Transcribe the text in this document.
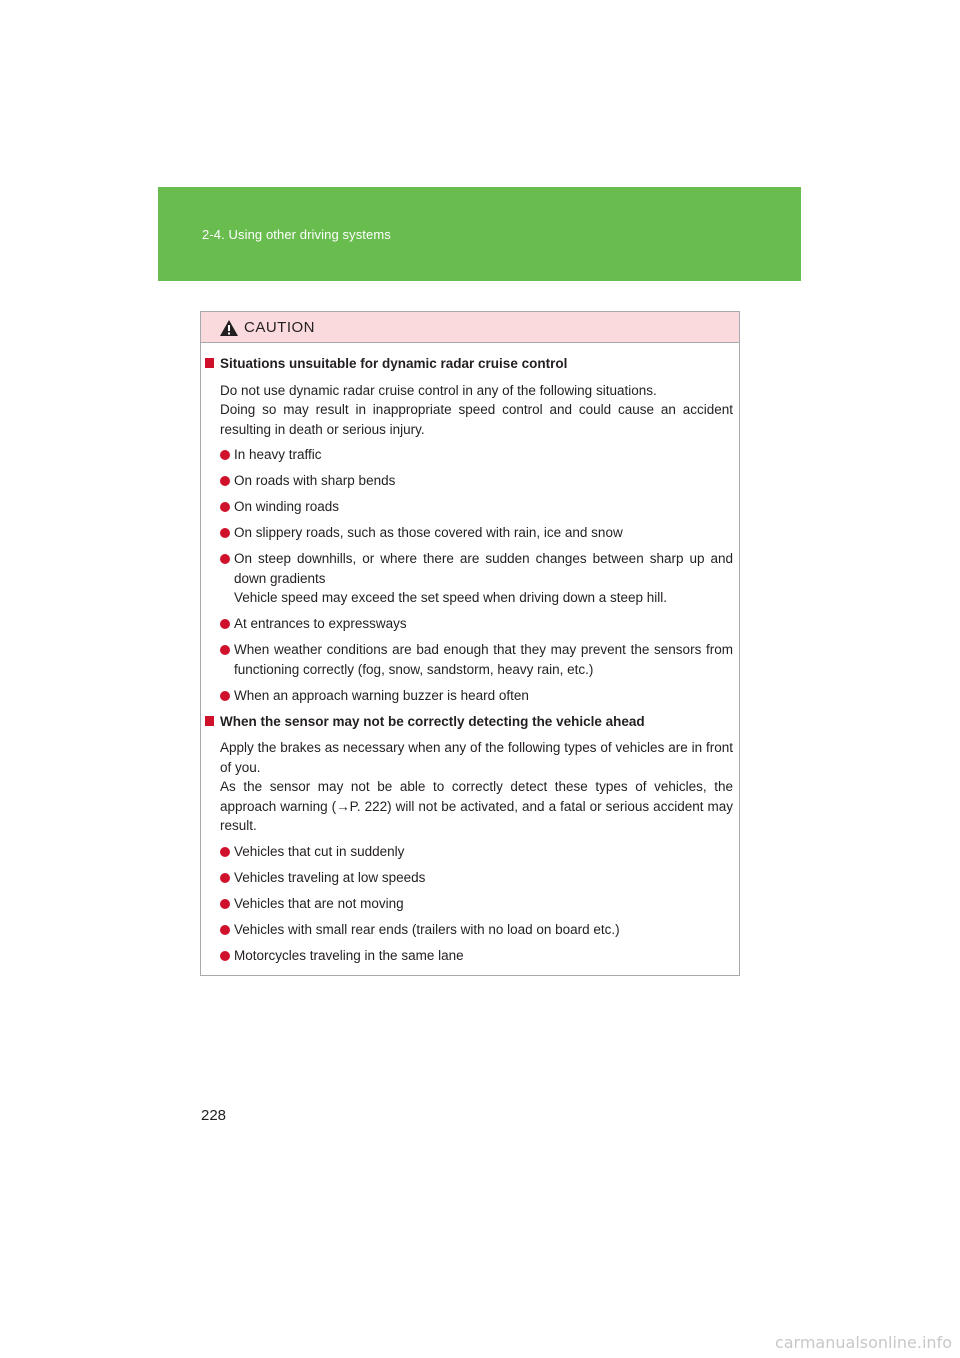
2-4. Using other driving systems
CAUTION
Situations unsuitable for dynamic radar cruise control
Do not use dynamic radar cruise control in any of the following situations.
Doing so may result in inappropriate speed control and could cause an accident resulting in death or serious injury.
In heavy traffic
On roads with sharp bends
On winding roads
On slippery roads, such as those covered with rain, ice and snow
On steep downhills, or where there are sudden changes between sharp up and down gradients
Vehicle speed may exceed the set speed when driving down a steep hill.
At entrances to expressways
When weather conditions are bad enough that they may prevent the sensors from functioning correctly (fog, snow, sandstorm, heavy rain, etc.)
When an approach warning buzzer is heard often
When the sensor may not be correctly detecting the vehicle ahead
Apply the brakes as necessary when any of the following types of vehicles are in front of you.
As the sensor may not be able to correctly detect these types of vehicles, the approach warning (→P. 222) will not be activated, and a fatal or serious accident may result.
Vehicles that cut in suddenly
Vehicles traveling at low speeds
Vehicles that are not moving
Vehicles with small rear ends (trailers with no load on board etc.)
Motorcycles traveling in the same lane
228
carmanualsonline.info
